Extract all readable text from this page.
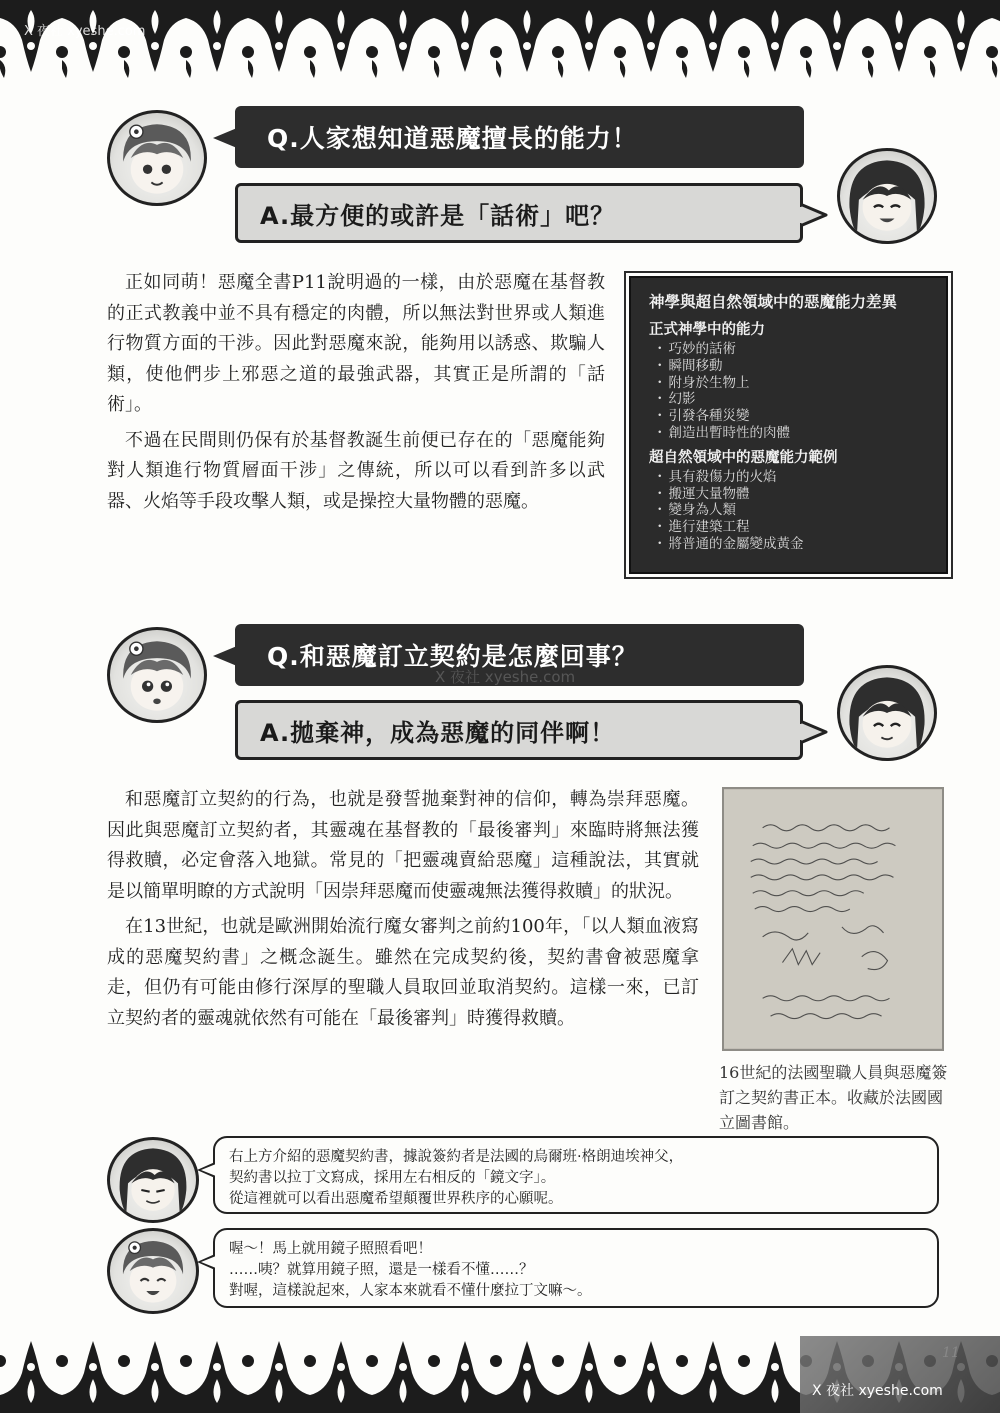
X 夜社 xyeshe.com
Q.人家想知道惡魔擅長的能力！
A.最方便的或許是「話術」吧？

正如同萌！惡魔全書P11說明過的一樣，由於惡魔在基督教的正式教義中並不具有穩定的肉體，所以無法對世界或人類進行物質方面的干涉。因此對惡魔來說，能夠用以誘惑、欺騙人類，使他們步上邪惡之道的最強武器，其實正是所謂的「話術」。

不過在民間則仍保有於基督教誕生前便已存在的「惡魔能夠對人類進行物質層面干涉」之傳統，所以可以看到許多以武器、火焰等手段攻擊人類，或是操控大量物體的惡魔。

神學與超自然領域中的惡魔能力差異
正式神學中的能力
・ 巧妙的話術
・ 瞬間移動
・ 附身於生物上
・ 幻影
・ 引發各種災變
・ 創造出暫時性的肉體
超自然領域中的惡魔能力範例
・ 具有殺傷力的火焰
・ 搬運大量物體
・ 變身為人類
・ 進行建築工程
・ 將普通的金屬變成黃金
Q.和惡魔訂立契約是怎麼回事？
X 夜社 xyeshe.com
A.拋棄神，成為惡魔的同伴啊！

和惡魔訂立契約的行為，也就是發誓拋棄對神的信仰，轉為崇拜惡魔。因此與惡魔訂立契約者，其靈魂在基督教的「最後審判」來臨時將無法獲得救贖，必定會落入地獄。常見的「把靈魂賣給惡魔」這種說法，其實就是以簡單明瞭的方式說明「因崇拜惡魔而使靈魂無法獲得救贖」的狀況。

在13世紀，也就是歐洲開始流行魔女審判之前約100年，「以人類血液寫成的惡魔契約書」之概念誕生。雖然在完成契約後，契約書會被惡魔拿走，但仍有可能由修行深厚的聖職人員取回並取消契約。這樣一來，已訂立契約者的靈魂就依然有可能在「最後審判」時獲得救贖。

16世紀的法國聖職人員與惡魔簽訂之契約書正本。收藏於法國國立圖書館。
右上方介紹的惡魔契約書，據說簽約者是法國的烏爾班·格朗迪埃神父，
契約書以拉丁文寫成，採用左右相反的「鏡文字」。
從這裡就可以看出惡魔希望顛覆世界秩序的心願呢。
喔～！馬上就用鏡子照照看吧！
……咦？就算用鏡子照，還是一樣看不懂……？
對喔，這樣說起來，人家本來就看不懂什麼拉丁文嘛～。
11
X 夜社 xyeshe.com
